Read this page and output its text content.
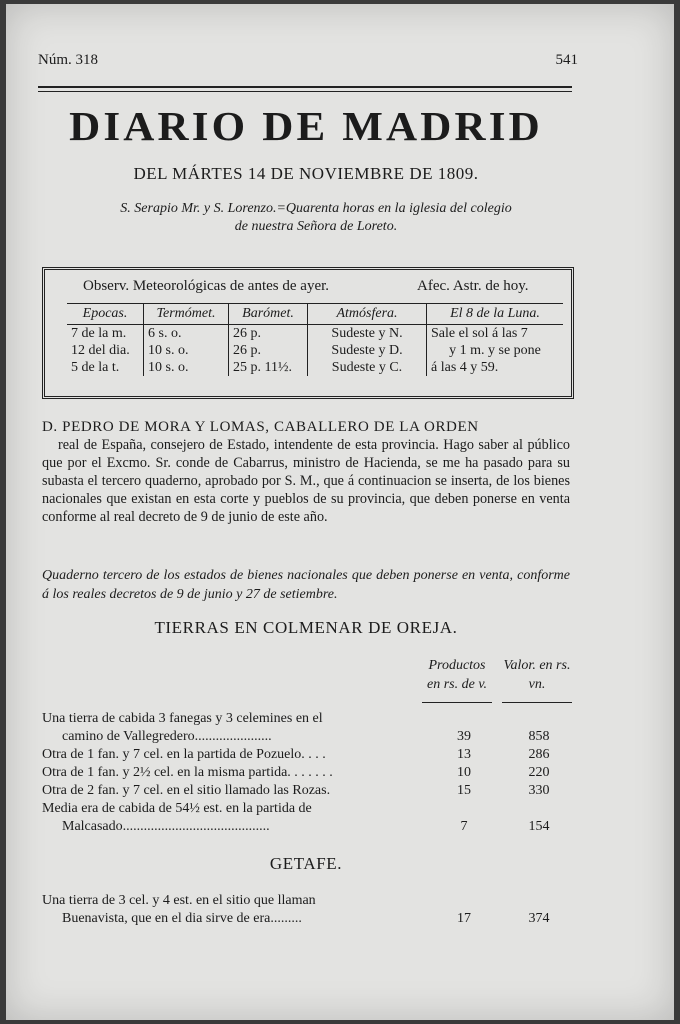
Núm. 318	541
DIARIO DE MADRID
DEL MÁRTES 14 DE NOVIEMBRE DE 1809.
S. Serapio Mr. y S. Lorenzo.=Quarenta horas en la iglesia del colegio
de nuestra Señora de Loreto.
Observ. Meteorológicas de antes de ayer.	Afec. Astr. de hoy.
Epocas.	Termómet.	Barómet.	Atmósfera.	El 8 de la Luna.
7 de la m.	6 s. o.	26 p.	Sudeste y N.	Sale el sol á las 7
12 del dia.	10 s. o.	26 p.	Sudeste y D.	y 1 m. y se pone
5 de la t.	10 s. o.	25 p. 11½.	Sudeste y C.	á las 4 y 59.

D. PEDRO DE MORA Y LOMAS, CABALLERO DE LA ORDEN

real de España, consejero de Estado, intendente de esta provincia. Hago saber al público que por el Excmo. Sr. conde de Cabarrus, ministro de Hacienda, se me ha pasado para su subasta el tercero quaderno, aprobado por S. M., que á continuacion se inserta, de los bienes nacionales que existan en esta corte y pueblos de su provincia, que deben ponerse en venta conforme al real decreto de 9 de junio de este año.

Quaderno tercero de los estados de bienes nacionales que deben ponerse en venta, conforme á los reales decretos de 9 de junio y 27 de setiembre.
TIERRAS EN COLMENAR DE OREJA.
Productos en rs. de v.
Valor. en rs. vn.
Una tierra de cabida 3 fanegas y 3 celemines en el
camino de Vallegredero......................	39	858
Otra de 1 fan. y 7 cel. en la partida de Pozuelo. . . .	13	286
Otra de 1 fan. y 2½ cel. en la misma partida. . . . . . .	10	220
Otra de 2 fan. y 7 cel. en el sitio llamado las Rozas.	15	330
Media era de cabida de 54½ est. en la partida de
Malcasado..........................................	7	154
GETAFE.
Una tierra de 3 cel. y 4 est. en el sitio que llaman
Buenavista, que en el dia sirve de era.........	17	374
